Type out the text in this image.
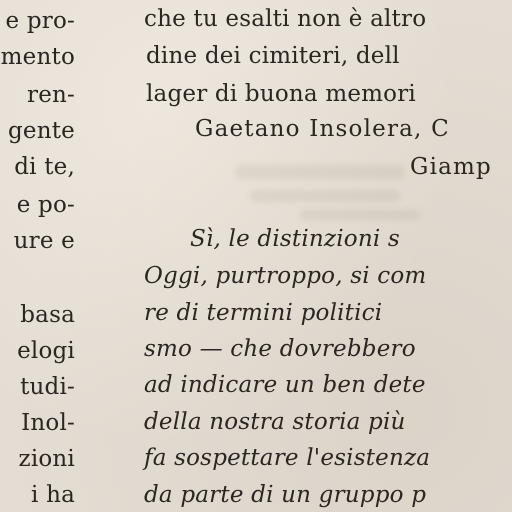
e pro-
mento
ren-
gente
di te,
e po-
ure e
basa
elogi
tudi-
Inol-
zioni
i ha
che tu esalti non è altro
dine dei cimiteri, dell
lager di buona memori
Gaetano Insolera, C
Giamp
Sì, le distinzioni s
Oggi, purtroppo, si com
re di termini politici
smo — che dovrebbero
ad indicare un ben dete
della nostra storia più
fa sospettare l'esistenza
da parte di un gruppo p
